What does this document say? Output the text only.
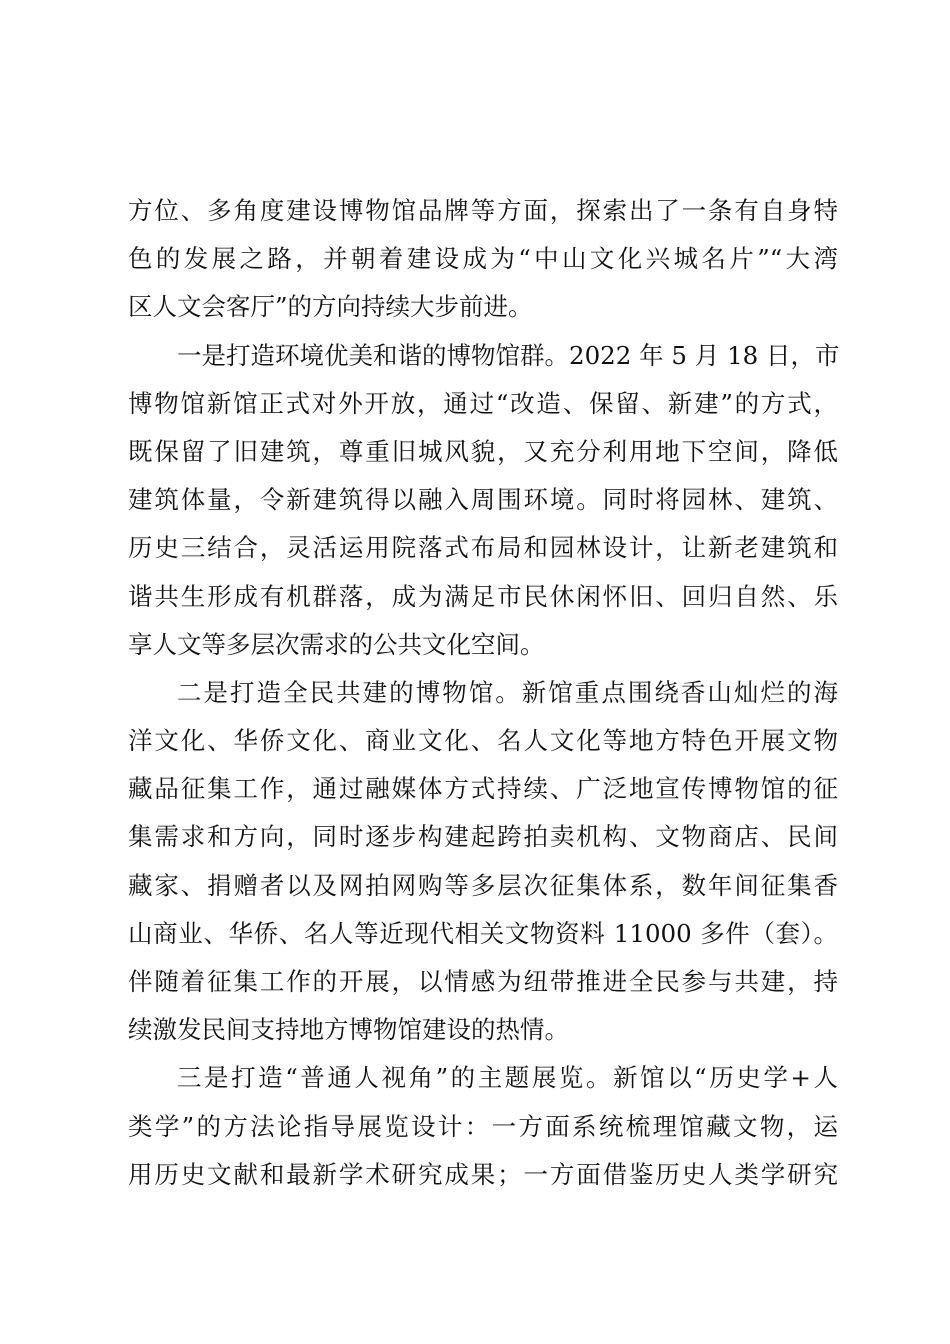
方位、多角度建设博物馆品牌等方面，探索出了一条有自身特
色的发展之路，并朝着建设成为“中山文化兴城名片”“大湾
区人文会客厅”的方向持续大步前进。
一是打造环境优美和谐的博物馆群。2022 年 5 月 18 日，市
博物馆新馆正式对外开放，通过“改造、保留、新建”的方式，
既保留了旧建筑，尊重旧城风貌，又充分利用地下空间，降低
建筑体量，令新建筑得以融入周围环境。同时将园林、建筑、
历史三结合，灵活运用院落式布局和园林设计，让新老建筑和
谐共生形成有机群落，成为满足市民休闲怀旧、回归自然、乐
享人文等多层次需求的公共文化空间。
二是打造全民共建的博物馆。新馆重点围绕香山灿烂的海
洋文化、华侨文化、商业文化、名人文化等地方特色开展文物
藏品征集工作，通过融媒体方式持续、广泛地宣传博物馆的征
集需求和方向，同时逐步构建起跨拍卖机构、文物商店、民间
藏家、捐赠者以及网拍网购等多层次征集体系，数年间征集香
山商业、华侨、名人等近现代相关文物资料 11000 多件（套）。
伴随着征集工作的开展，以情感为纽带推进全民参与共建，持
续激发民间支持地方博物馆建设的热情。
三是打造“普通人视角”的主题展览。新馆以“历史学+人
类学”的方法论指导展览设计：一方面系统梳理馆藏文物，运
用历史文献和最新学术研究成果；一方面借鉴历史人类学研究
